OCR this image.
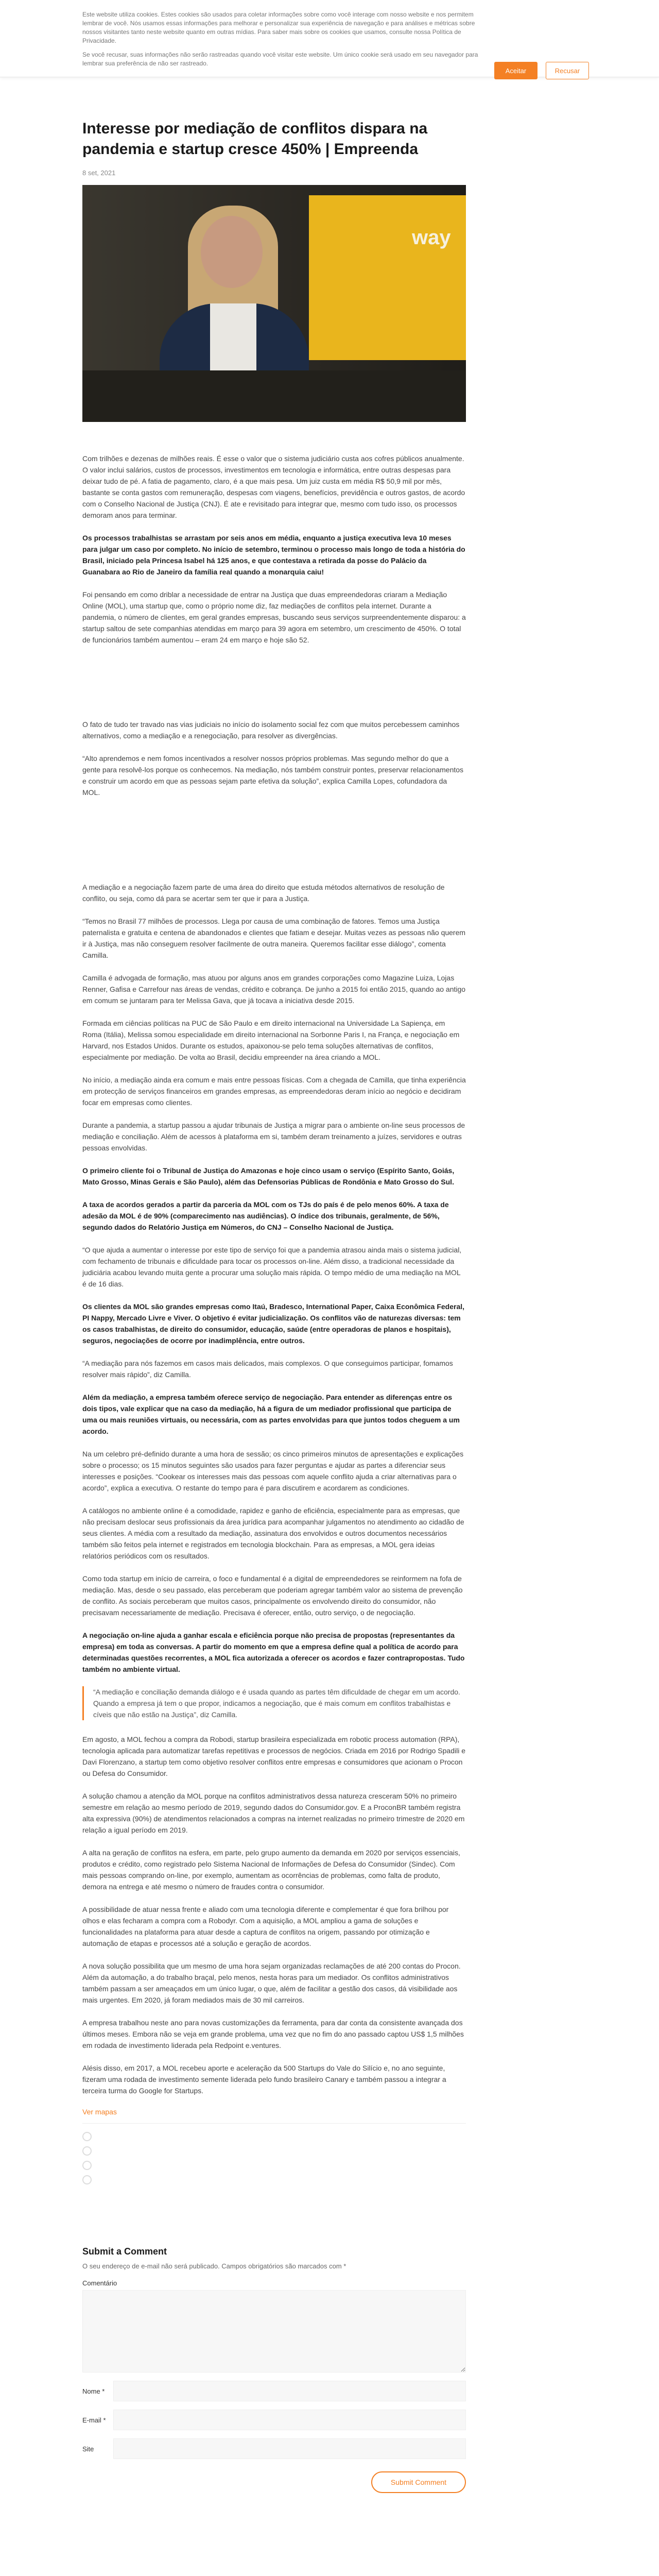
Este website utiliza cookies. Estes cookies são usados para coletar informações sobre como você interage com nosso website e nos permitem lembrar de você. Nós usamos essas informações para melhorar e personalizar sua experiência de navegação e para análises e métricas sobre nossos visitantes tanto neste website quanto em outras mídias. Para saber mais sobre os cookies que usamos, consulte nossa Política de Privacidade.

Se você recusar, suas informações não serão rastreadas quando você visitar este website. Um único cookie será usado em seu navegador para lembrar sua preferência de não ser rastreado.

Aceitar	Recusar
Interesse por mediação de conflitos dispara na pandemia e startup cresce 450% | Empreenda
8 set, 2021
way

Com trilhões e dezenas de milhões reais. É esse o valor que o sistema judiciário custa aos cofres públicos anualmente. O valor inclui salários, custos de processos, investimentos em tecnologia e informática, entre outras despesas para deixar tudo de pé. A fatia de pagamento, claro, é a que mais pesa. Um juiz custa em média R$ 50,9 mil por mês, bastante se conta gastos com remuneração, despesas com viagens, benefícios, previdência e outros gastos, de acordo com o Conselho Nacional de Justiça (CNJ). É ate e revisitado para integrar que, mesmo com tudo isso, os processos demoram anos para terminar.

Os processos trabalhistas se arrastam por seis anos em média, enquanto a justiça executiva leva 10 meses para julgar um caso por completo. No início de setembro, terminou o processo mais longo de toda a história do Brasil, iniciado pela Princesa Isabel há 125 anos, e que contestava a retirada da posse do Palácio da Guanabara ao Rio de Janeiro da família real quando a monarquia caiu!

Foi pensando em como driblar a necessidade de entrar na Justiça que duas empreendedoras criaram a Mediação Online (MOL), uma startup que, como o próprio nome diz, faz mediações de conflitos pela internet. Durante a pandemia, o número de clientes, em geral grandes empresas, buscando seus serviços surpreendentemente disparou: a startup saltou de sete companhias atendidas em março para 39 agora em setembro, um crescimento de 450%. O total de funcionários também aumentou – eram 24 em março e hoje são 52.

O fato de tudo ter travado nas vias judiciais no início do isolamento social fez com que muitos percebessem caminhos alternativos, como a mediação e a renegociação, para resolver as divergências.

“Alto aprendemos e nem fomos incentivados a resolver nossos próprios problemas. Mas segundo melhor do que a gente para resolvê-los porque os conhecemos. Na mediação, nós também construir pontes, preservar relacionamentos e construir um acordo em que as pessoas sejam parte efetiva da solução”, explica Camilla Lopes, cofundadora da MOL.

A mediação e a negociação fazem parte de uma área do direito que estuda métodos alternativos de resolução de conflito, ou seja, como dá para se acertar sem ter que ir para a Justiça.

“Temos no Brasil 77 milhões de processos. Llega por causa de uma combinação de fatores. Temos uma Justiça paternalista e gratuita e centena de abandonados e clientes que fatiam e desejar. Muitas vezes as pessoas não querem ir à Justiça, mas não conseguem resolver facilmente de outra maneira. Queremos facilitar esse diálogo”, comenta Camilla.

Camilla é advogada de formação, mas atuou por alguns anos em grandes corporações como Magazine Luiza, Lojas Renner, Gafisa e Carrefour nas áreas de vendas, crédito e cobrança. De junho a 2015 foi então 2015, quando ao antigo em comum se juntaram para ter Melissa Gava, que já tocava a iniciativa desde 2015.

Formada em ciências políticas na PUC de São Paulo e em direito internacional na Universidade La Sapiença, em Roma (Itália), Melissa somou especialidade em direito internacional na Sorbonne Paris I, na França, e negociação em Harvard, nos Estados Unidos. Durante os estudos, apaixonou-se pelo tema soluções alternativas de conflitos, especialmente por mediação. De volta ao Brasil, decidiu empreender na área criando a MOL.

No início, a mediação ainda era comum e mais entre pessoas físicas. Com a chegada de Camilla, que tinha experiência em protecção de serviços financeiros em grandes empresas, as empreendedoras deram início ao negócio e decidiram focar em empresas como clientes.

Durante a pandemia, a startup passou a ajudar tribunais de Justiça a migrar para o ambiente on-line seus processos de mediação e conciliação. Além de acessos à plataforma em si, também deram treinamento a juízes, servidores e outras pessoas envolvidas.

O primeiro cliente foi o Tribunal de Justiça do Amazonas e hoje cinco usam o serviço (Espírito Santo, Goiás, Mato Grosso, Minas Gerais e São Paulo), além das Defensorias Públicas de Rondônia e Mato Grosso do Sul.

A taxa de acordos gerados a partir da parceria da MOL com os TJs do país é de pelo menos 60%. A taxa de adesão da MOL é de 90% (comparecimento nas audiências). O índice dos tribunais, geralmente, de 56%, segundo dados do Relatório Justiça em Números, do CNJ – Conselho Nacional de Justiça.

“O que ajuda a aumentar o interesse por este tipo de serviço foi que a pandemia atrasou ainda mais o sistema judicial, com fechamento de tribunais e dificuldade para tocar os processos on-line. Além disso, a tradicional necessidade da judiciária acabou levando muita gente a procurar uma solução mais rápida. O tempo médio de uma mediação na MOL é de 16 dias.

Os clientes da MOL são grandes empresas como Itaú, Bradesco, International Paper, Caixa Econômica Federal, PI Nappy, Mercado Livre e Viver. O objetivo é evitar judicialização. Os conflitos vão de naturezas diversas: tem os casos trabalhistas, de direito do consumidor, educação, saúde (entre operadoras de planos e hospitais), seguros, negociações de ocorre por inadimplência, entre outros.

“A mediação para nós fazemos em casos mais delicados, mais complexos. O que conseguimos participar, fomamos resolver mais rápido”, diz Camilla.

Além da mediação, a empresa também oferece serviço de negociação. Para entender as diferenças entre os dois tipos, vale explicar que na caso da mediação, há a figura de um mediador profissional que participa de uma ou mais reuniões virtuais, ou necessária, com as partes envolvidas para que juntos todos cheguem a um acordo.

Na um celebro pré-definido durante a uma hora de sessão; os cinco primeiros minutos de apresentações e explicações sobre o processo; os 15 minutos seguintes são usados para fazer perguntas e ajudar as partes a diferenciar seus interesses e posições. “Cookear os interesses mais das pessoas com aquele conflito ajuda a criar alternativas para o acordo”, explica a executiva. O restante do tempo para é para discutirem e acordarem as condiciones.

A catálogos no ambiente online é a comodidade, rapidez e ganho de eficiência, especialmente para as empresas, que não precisam deslocar seus profissionais da área jurídica para acompanhar julgamentos no atendimento ao cidadão de seus clientes. A média com a resultado da mediação, assinatura dos envolvidos e outros documentos necessários também são feitos pela internet e registrados em tecnologia blockchain. Para as empresas, a MOL gera ideias relatórios periódicos com os resultados.

Como toda startup em início de carreira, o foco e fundamental é a digital de empreendedores se reinformem na fofa de mediação. Mas, desde o seu passado, elas perceberam que poderiam agregar também valor ao sistema de prevenção de conflito. As sociais perceberam que muitos casos, principalmente os envolvendo direito do consumidor, não precisavam necessariamente de mediação. Precisava é oferecer, então, outro serviço, o de negociação.

A negociação on-line ajuda a ganhar escala e eficiência porque não precisa de propostas (representantes da empresa) em toda as conversas. A partir do momento em que a empresa define qual a política de acordo para determinadas questões recorrentes, a MOL fica autorizada a oferecer os acordos e fazer contrapropostas. Tudo também no ambiente virtual.

“A mediação e conciliação demanda diálogo e é usada quando as partes têm dificuldade de chegar em um acordo. Quando a empresa já tem o que propor, indicamos a negociação, que é mais comum em conflitos trabalhistas e cíveis que não estão na Justiça”, diz Camilla.

Em agosto, a MOL fechou a compra da Robodi, startup brasileira especializada em robotic process automation (RPA), tecnologia aplicada para automatizar tarefas repetitivas e processos de negócios. Criada em 2016 por Rodrigo Spadili e Davi Florenzano, a startup tem como objetivo resolver conflitos entre empresas e consumidores que acionam o Procon ou Defesa do Consumidor.

A solução chamou a atenção da MOL porque na conflitos administrativos dessa natureza cresceram 50% no primeiro semestre em relação ao mesmo período de 2019, segundo dados do Consumidor.gov. E a ProconBR também registra alta expressiva (90%) de atendimentos relacionados a compras na internet realizadas no primeiro trimestre de 2020 em relação a igual período em 2019.

A alta na geração de conflitos na esfera, em parte, pelo grupo aumento da demanda em 2020 por serviços essenciais, produtos e crédito, como registrado pelo Sistema Nacional de Informações de Defesa do Consumidor (Sindec). Com mais pessoas comprando on-line, por exemplo, aumentam as ocorrências de problemas, como falta de produto, demora na entrega e até mesmo o número de fraudes contra o consumidor.

A possibilidade de atuar nessa frente e aliado com uma tecnologia diferente e complementar é que fora brilhou por olhos e elas fecharam a compra com a Robodyr. Com a aquisição, a MOL ampliou a gama de soluções e funcionalidades na plataforma para atuar desde a captura de conflitos na origem, passando por otimização e automação de etapas e processos até a solução e geração de acordos.

A nova solução possibilita que um mesmo de uma hora sejam organizadas reclamações de até 200 contas do Procon. Além da automação, a do trabalho braçal, pelo menos, nesta horas para um mediador. Os conflitos administrativos também passam a ser ameaçados em um único lugar, o que, além de facilitar a gestão dos casos, dá visibilidade aos mais urgentes. Em 2020, já foram mediados mais de 30 mil carreiros.

A empresa trabalhou neste ano para novas customizações da ferramenta, para dar conta da consistente avançada dos últimos meses. Embora não se veja em grande problema, uma vez que no fim do ano passado captou US$ 1,5 milhões em rodada de investimento liderada pela Redpoint e.ventures.

Alésis disso, em 2017, a MOL recebeu aporte e aceleração da 500 Startups do Vale do Silício e, no ano seguinte, fizeram uma rodada de investimento semente liderada pelo fundo brasileiro Canary e também passou a integrar a terceira turma do Google for Startups.

Ver mapas
Submit a Comment

O seu endereço de e-mail não será publicado. Campos obrigatórios são marcados com *

Comentário
Nome *
E-mail *
Site
Submit Comment
